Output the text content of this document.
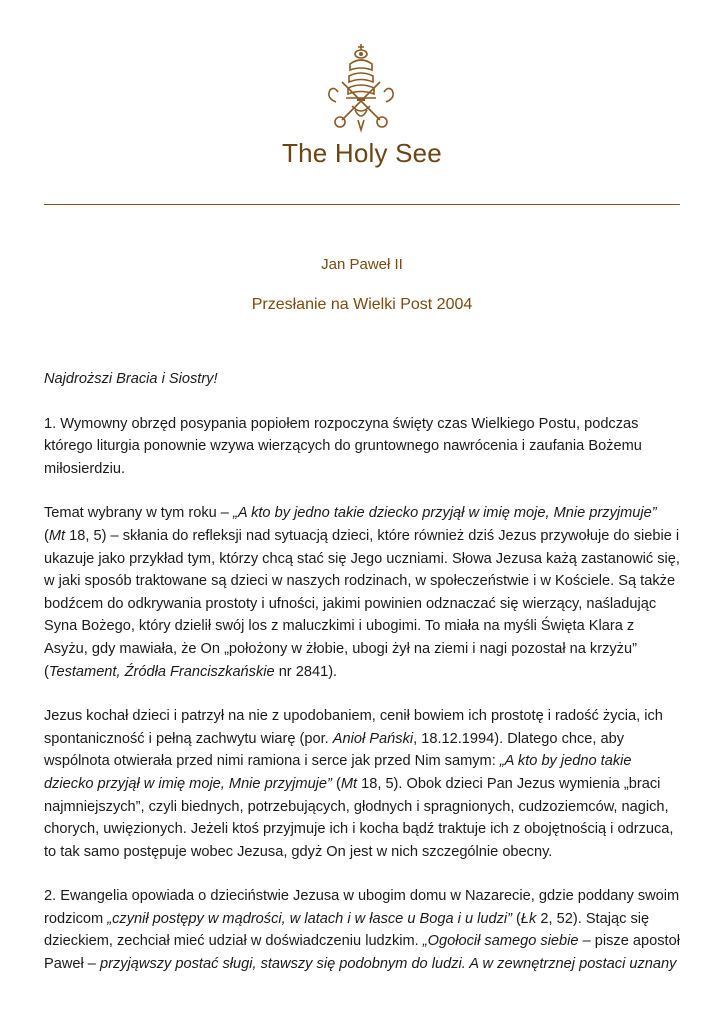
The Holy See
Jan Paweł II
Przesłanie na Wielki Post 2004

Najdroższi Bracia i Siostry!

1. Wymowny obrzęd posypania popiołem rozpoczyna święty czas Wielkiego Postu, podczas
którego liturgia ponownie wzywa wierzących do gruntownego nawrócenia i zaufania Bożemu
miłosierdziu.

Temat wybrany w tym roku – „A kto by jedno takie dziecko przyjął w imię moje, Mnie przyjmuje”
(Mt 18, 5) – skłania do refleksji nad sytuacją dzieci, które również dziś Jezus przywołuje do siebie i
ukazuje jako przykład tym, którzy chcą stać się Jego uczniami. Słowa Jezusa każą zastanowić się,
w jaki sposób traktowane są dzieci w naszych rodzinach, w społeczeństwie i w Kościele. Są także
bodźcem do odkrywania prostoty i ufności, jakimi powinien odznaczać się wierzący, naśladując
Syna Bożego, który dzielił swój los z maluczkimi i ubogimi. To miała na myśli Święta Klara z
Asyżu, gdy mawiała, że On „położony w żłobie, ubogi żył na ziemi i nagi pozostał na krzyżu”
(Testament, Źródła Franciszkańskie nr 2841).

Jezus kochał dzieci i patrzył na nie z upodobaniem, cenił bowiem ich prostotę i radość życia, ich
spontaniczność i pełną zachwytu wiarę (por. Anioł Pański, 18.12.1994). Dlatego chce, aby
wspólnota otwierała przed nimi ramiona i serce jak przed Nim samym: „A kto by jedno takie
dziecko przyjął w imię moje, Mnie przyjmuje” (Mt 18, 5). Obok dzieci Pan Jezus wymienia „braci
najmniejszych”, czyli biednych, potrzebujących, głodnych i spragnionych, cudzoziemców, nagich,
chorych, uwięzionych. Jeżeli ktoś przyjmuje ich i kocha bądź traktuje ich z obojętnością i odrzuca,
to tak samo postępuje wobec Jezusa, gdyż On jest w nich szczególnie obecny.

2. Ewangelia opowiada o dzieciństwie Jezusa w ubogim domu w Nazarecie, gdzie poddany swoim
rodzicom „czynił postępy w mądrości, w latach i w łasce u Boga i u ludzi” (Łk 2, 52). Stając się
dzieckiem, zechciał mieć udział w doświadczeniu ludzkim. „Ogołocił samego siebie – pisze apostoł
Paweł – przyjąwszy postać sługi, stawszy się podobnym do ludzi. A w zewnętrznej postaci uznany
